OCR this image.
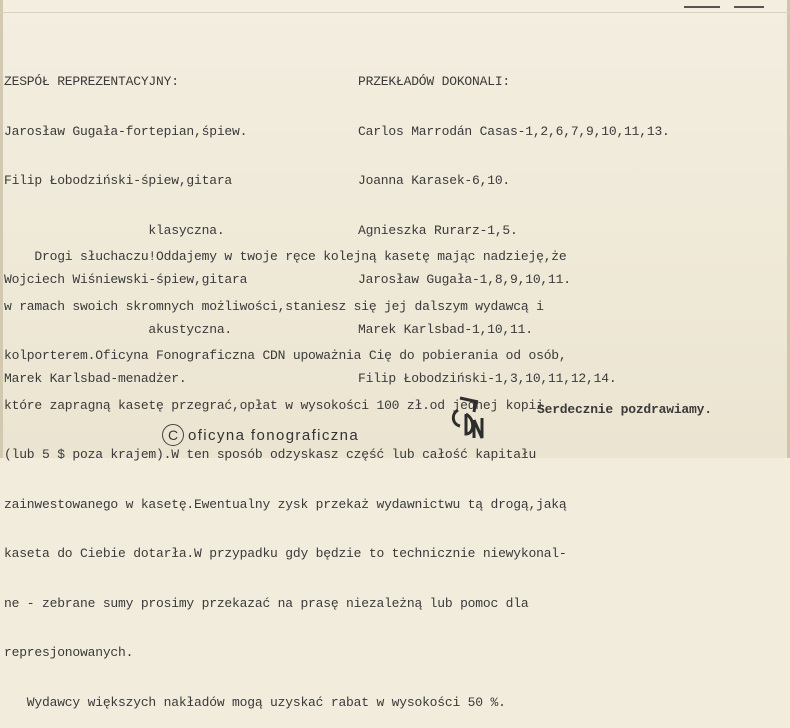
ZESPÓŁ REPREZENTACYJNY:

Jarosław Gugała-fortepian,śpiew.

Filip Łobodziński-śpiew,gitara

klasyczna.

Wojciech Wiśniewski-śpiew,gitara

akustyczna.

Marek Karlsbad-menadżer.

PRZEKŁADÓW DOKONALI:

Carlos Marrodán Casas-1,2,6,7,9,10,11,13.

Joanna Karasek-6,10.

Agnieszka Rurarz-1,5.

Jarosław Gugała-1,8,9,10,11.

Marek Karlsbad-1,10,11.

Filip Łobodziński-1,3,10,11,12,14.

Drogi słuchaczu!Oddajemy w twoje ręce kolejną kasetę mając nadzieję,że

w ramach swoich skromnych możliwości,staniesz się jej dalszym wydawcą i

kolporterem.Oficyna Fonograficzna CDN upoważnia Cię do pobierania od osób,

które zapragną kasetę przegrać,opłat w wysokości 100 zł.od jednej kopii

(lub 5 $ poza krajem).W ten sposób odzyskasz część lub całość kapitału

zainwestowanego w kasetę.Ewentualny zysk przekaż wydawnictwu tą drogą,jaką

kaseta do Ciebie dotarła.W przypadku gdy będzie to technicznie niewykonal-

ne - zebrane sumy prosimy przekazać na prasę niezależną lub pomoc dla

represjonowanych.

Wydawcy większych nakładów mogą uzyskać rabat w wysokości 50 %.

Serdecznie pozdrawiamy.
C oficyna fonograficzna
